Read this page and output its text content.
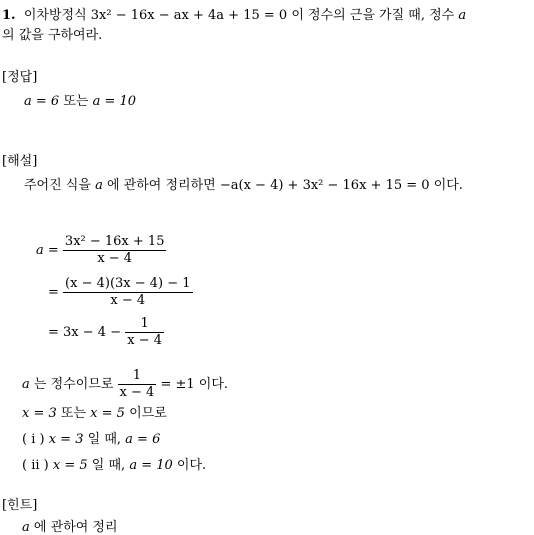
1. 이차방정식 3x² − 16x − ax + 4a + 15 = 0 이 정수의 근을 가질 때, 정수 a
의 값을 구하여라.
[정답]
a = 6 또는 a = 10
[해설]
주어진 식을 a 에 관하여 정리하면 −a(x − 4) + 3x² − 16x + 15 = 0 이다.
$a = \frac{\text{3x² − 16x + 15}}{x - 4}$
= $\frac{(x - 4)(3x - 4) - 1}{x - 4}$
= $3x - 4 - \frac{1}{x - 4}$
a 는 정수이므로 $\frac{1}{x - 4} = \pm 1$ 이다.
x = 3 또는 x = 5 이므로
( i ) x = 3 일 때, a = 6
( ii ) x = 5 일 때, a = 10 이다.
[힌트]
a 에 관하여 정리
